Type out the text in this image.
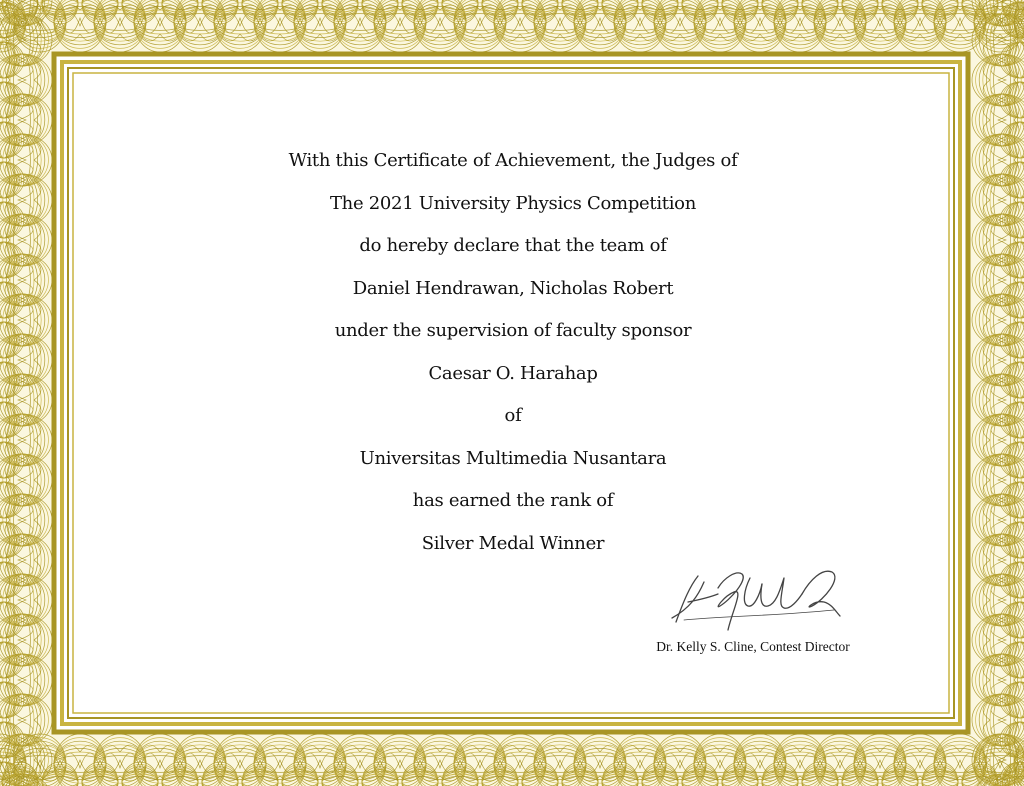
With this Certificate of Achievement, the Judges of
The 2021 University Physics Competition
do hereby declare that the team of
Daniel Hendrawan, Nicholas Robert
under the supervision of faculty sponsor
Caesar O. Harahap
of
Universitas Multimedia Nusantara
has earned the rank of
Silver Medal Winner
Dr. Kelly S. Cline, Contest Director
